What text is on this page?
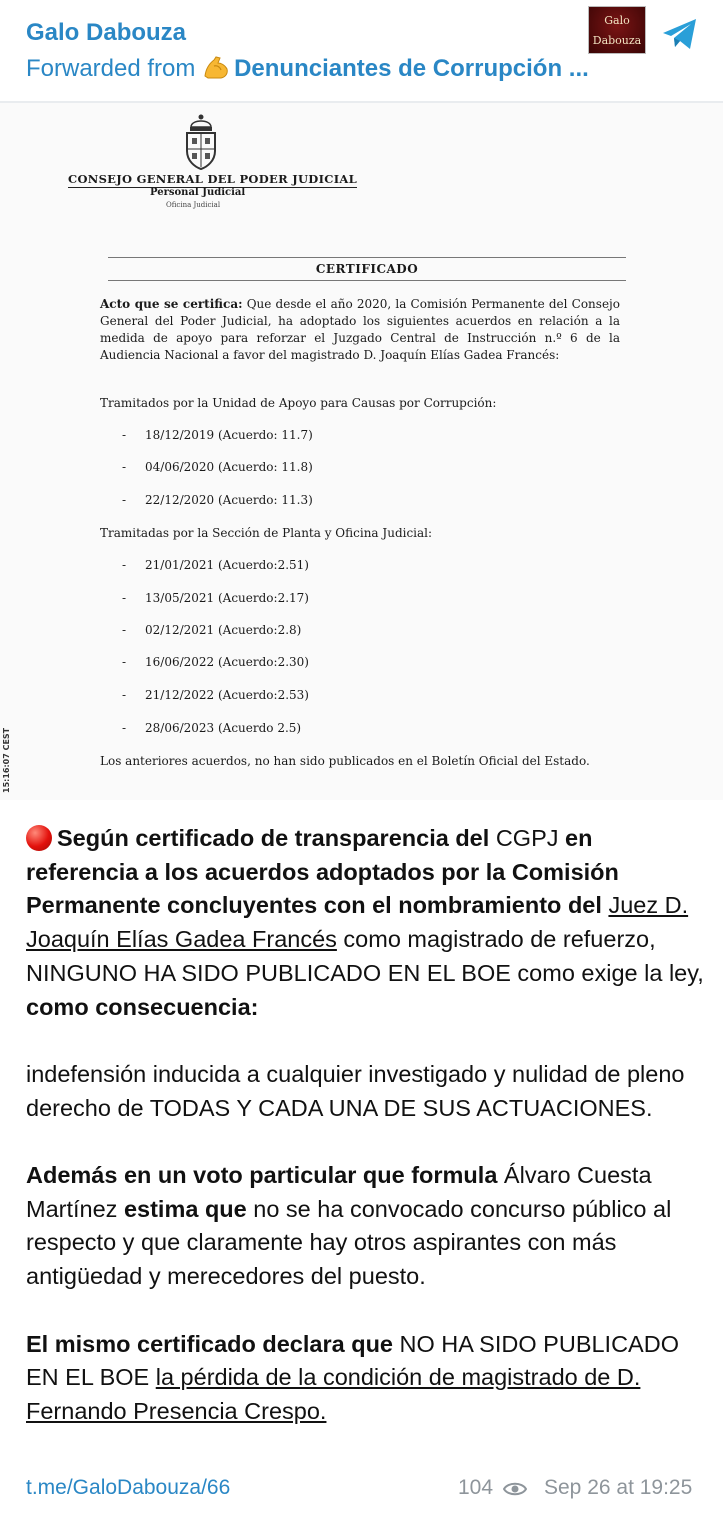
Galo Dabouza
Forwarded from Denunciantes de Corrupción ...
Galo
Dabouza
CONSEJO GENERAL DEL PODER JUDICIAL
Personal Judicial
Oficina Judicial
CERTIFICADO
Acto que se certifica: Que desde el año 2020, la Comisión Permanente del Consejo General del Poder Judicial, ha adoptado los siguientes acuerdos en relación a la medida de apoyo para reforzar el Juzgado Central de Instrucción n.º 6 de la Audiencia Nacional a favor del magistrado D. Joaquín Elías Gadea Francés:
Tramitados por la Unidad de Apoyo para Causas por Corrupción:
- 18/12/2019 (Acuerdo: 11.7)
- 04/06/2020 (Acuerdo: 11.8)
- 22/12/2020 (Acuerdo: 11.3)
Tramitadas por la Sección de Planta y Oficina Judicial:
- 21/01/2021 (Acuerdo:2.51)
- 13/05/2021 (Acuerdo:2.17)
- 02/12/2021 (Acuerdo:2.8)
- 16/06/2022 (Acuerdo:2.30)
- 21/12/2022 (Acuerdo:2.53)
- 28/06/2023 (Acuerdo 2.5)
Los anteriores acuerdos, no han sido publicados en el Boletín Oficial del Estado.
15:16:07 CEST

Según certificado de transparencia del CGPJ en referencia a los acuerdos adoptados por la Comisión Permanente concluyentes con el nombramiento del Juez D. Joaquín Elías Gadea Francés como magistrado de refuerzo, NINGUNO HA SIDO PUBLICADO EN EL BOE como exige la ley, como consecuencia:

indefensión inducida a cualquier investigado y nulidad de pleno derecho de TODAS Y CADA UNA DE SUS ACTUACIONES.

Además en un voto particular que formula Álvaro Cuesta Martínez estima que no se ha convocado concurso público al respecto y que claramente hay otros aspirantes con más antigüedad y merecedores del puesto.

El mismo certificado declara que NO HA SIDO PUBLICADO EN EL BOE la pérdida de la condición de magistrado de D. Fernando Presencia Crespo.

t.me/GaloDabouza/66	104 Sep 26 at 19:25
